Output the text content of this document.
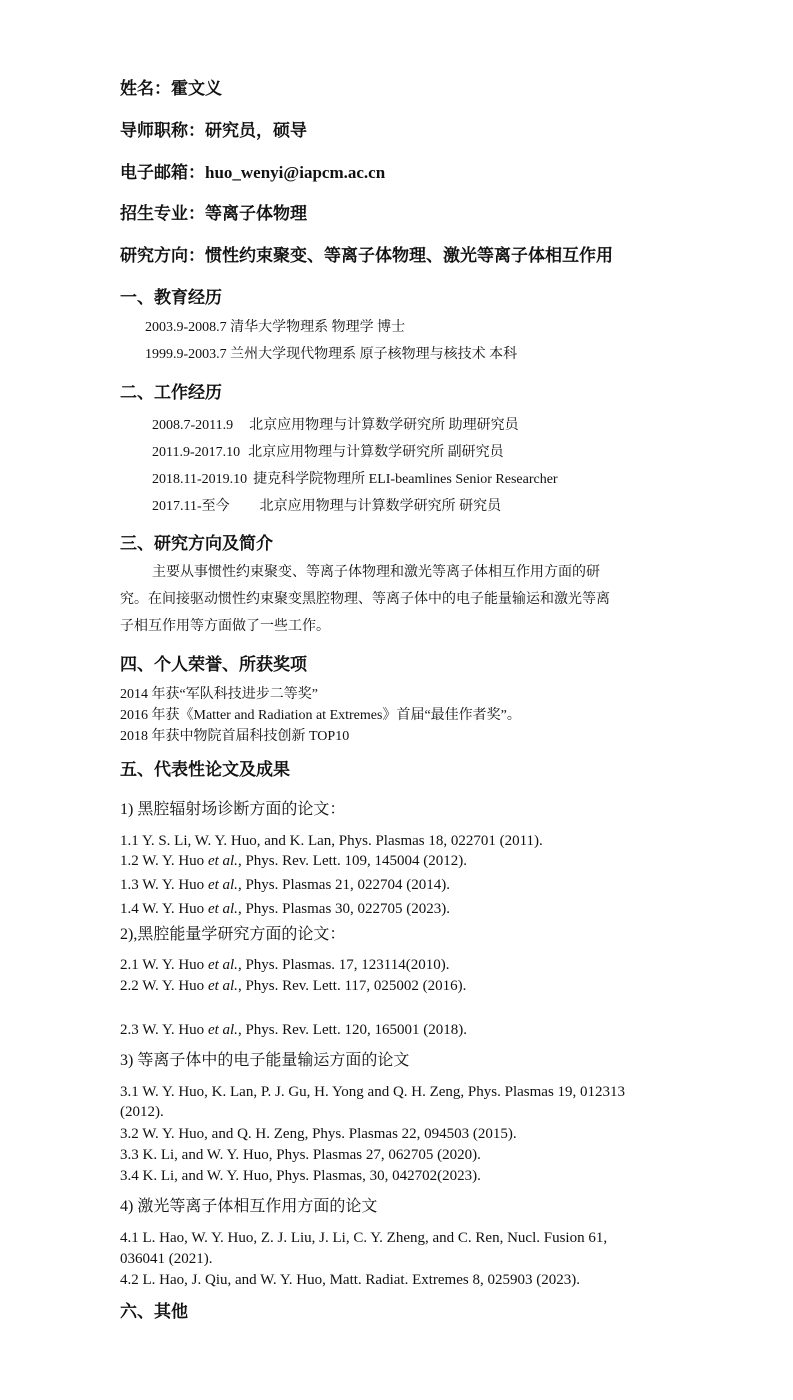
姓名：霍文义
导师职称：研究员，硕导
电子邮箱：huo_wenyi@iapcm.ac.cn
招生专业：等离子体物理
研究方向：惯性约束聚变、等离子体物理、激光等离子体相互作用
一、教育经历
2003.9-2008.7 清华大学物理系 物理学 博士
1999.9-2003.7 兰州大学现代物理系 原子核物理与核技术 本科
二、工作经历
2008.7-2011.9 北京应用物理与计算数学研究所 助理研究员
2011.9-2017.10 北京应用物理与计算数学研究所 副研究员
2018.11-2019.10 捷克科学院物理所 ELI-beamlines Senior Researcher
2017.11-至今 北京应用物理与计算数学研究所 研究员
三、研究方向及简介
主要从事惯性约束聚变、等离子体物理和激光等离子体相互作用方面的研
究。在间接驱动惯性约束聚变黑腔物理、等离子体中的电子能量输运和激光等离
子相互作用等方面做了一些工作。
四、个人荣誉、所获奖项
2014 年获“军队科技进步二等奖”
2016 年获《Matter and Radiation at Extremes》首届“最佳作者奖”。
2018 年获中物院首届科技创新 TOP10
五、代表性论文及成果
1) 黑腔辐射场诊断方面的论文：
1.1 Y. S. Li, W. Y. Huo, and K. Lan, Phys. Plasmas 18, 022701 (2011).
1.2 W. Y. Huo et al., Phys. Rev. Lett. 109, 145004 (2012).
1.3 W. Y. Huo et al., Phys. Plasmas 21, 022704 (2014).
1.4 W. Y. Huo et al., Phys. Plasmas 30, 022705 (2023).
2),黑腔能量学研究方面的论文：
2.1 W. Y. Huo et al., Phys. Plasmas. 17, 123114(2010).
2.2 W. Y. Huo et al., Phys. Rev. Lett. 117, 025002 (2016).
2.3 W. Y. Huo et al., Phys. Rev. Lett. 120, 165001 (2018).
3) 等离子体中的电子能量输运方面的论文
3.1 W. Y. Huo, K. Lan, P. J. Gu, H. Yong and Q. H. Zeng, Phys. Plasmas 19, 012313
(2012).
3.2 W. Y. Huo, and Q. H. Zeng, Phys. Plasmas 22, 094503 (2015).
3.3 K. Li, and W. Y. Huo, Phys. Plasmas 27, 062705 (2020).
3.4 K. Li, and W. Y. Huo, Phys. Plasmas, 30, 042702(2023).
4) 激光等离子体相互作用方面的论文
4.1 L. Hao, W. Y. Huo, Z. J. Liu, J. Li, C. Y. Zheng, and C. Ren, Nucl. Fusion 61,
036041 (2021).
4.2 L. Hao, J. Qiu, and W. Y. Huo, Matt. Radiat. Extremes 8, 025903 (2023).
六、其他
